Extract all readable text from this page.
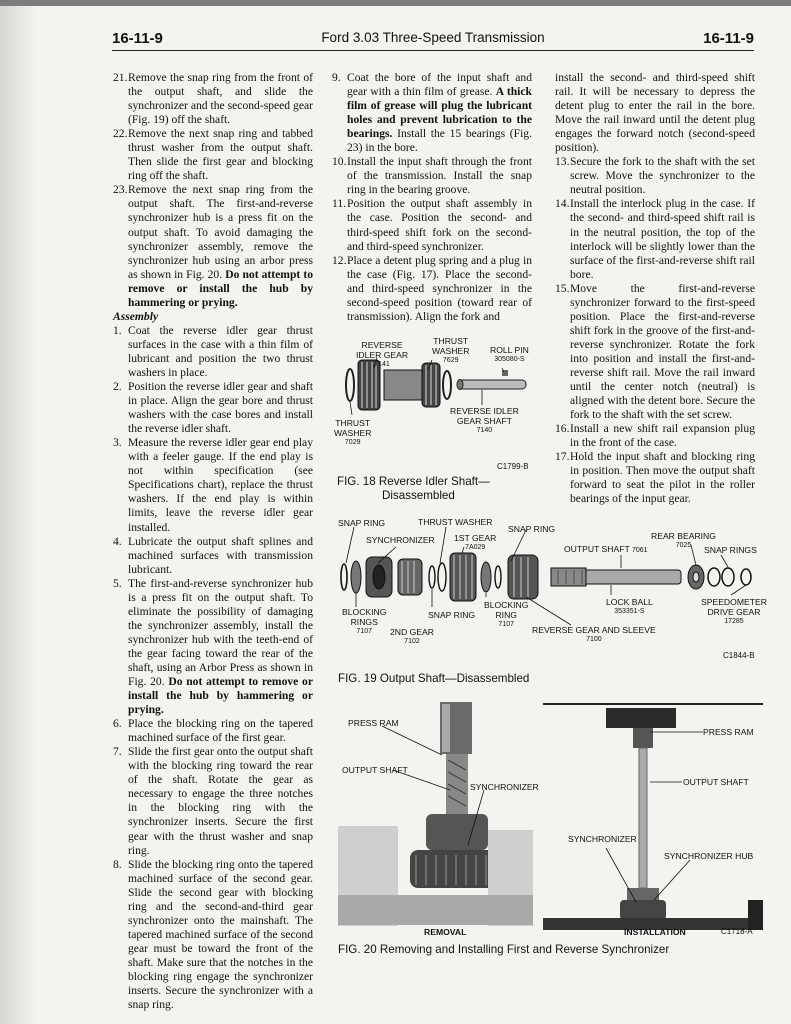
16-11-9	Ford 3.03 Three-Speed Transmission	16-11-9

21.Remove the snap ring from the front of the output shaft, and slide the synchronizer and the second-speed gear (Fig. 19) off the shaft.

22.Remove the next snap ring and tabbed thrust washer from the output shaft. Then slide the first gear and blocking ring off the shaft.

23.Remove the next snap ring from the output shaft. The first-and-reverse synchronizer hub is a press fit on the output shaft. To avoid damaging the synchronizer assembly, remove the synchronizer hub using an arbor press as shown in Fig. 20. Do not attempt to remove or install the hub by hammering or prying.

Assembly

1. Coat the reverse idler gear thrust surfaces in the case with a thin film of lubricant and position the two thrust washers in place.

2. Position the reverse idler gear and shaft in place. Align the gear bore and thrust washers with the case bores and install the reverse idler shaft.

3. Measure the reverse idler gear end play with a feeler gauge. If the end play is not within specification (see Specifications chart), replace the thrust washers. If the end play is within limits, leave the reverse idler gear installed.

4. Lubricate the output shaft splines and machined surfaces with transmission lubricant.

5. The first-and-reverse synchronizer hub is a press fit on the output shaft. To eliminate the possibility of damaging the synchronizer assembly, install the synchronizer hub with the teeth-end of the gear facing toward the rear of the shaft, using an Arbor Press as shown in Fig. 20. Do not attempt to remove or install the hub by hammering or prying.

6. Place the blocking ring on the tapered machined surface of the first gear.

7. Slide the first gear onto the output shaft with the blocking ring toward the rear of the shaft. Rotate the gear as necessary to engage the three notches in the blocking ring with the synchronizer inserts. Secure the first gear with the thrust washer and snap ring.

8. Slide the blocking ring onto the tapered machined surface of the second gear. Slide the second gear with blocking ring and the second-and-third gear synchronizer onto the mainshaft. The tapered machined surface of the second gear must be toward the front of the shaft. Make sure that the notches in the blocking ring engage the synchronizer inserts. Secure the synchronizer with a snap ring.

9. Coat the bore of the input shaft and gear with a thin film of grease. A thick film of grease will plug the lubricant holes and prevent lubrication to the bearings. Install the 15 bearings (Fig. 23) in the bore.

10.Install the input shaft through the front of the transmission. Install the snap ring in the bearing groove.

11.Position the output shaft assembly in the case. Position the second- and third-speed shift fork on the second- and third-speed synchronizer.

12.Place a detent plug spring and a plug in the case (Fig. 17). Place the second- and third-speed synchronizer in the second-speed position (toward rear of transmission). Align the fork and

install the second- and third-speed shift rail. It will be necessary to depress the detent plug to enter the rail in the bore. Move the rail inward until the detent plug engages the forward notch (second-speed position).

13.Secure the fork to the shaft with the set screw. Move the synchronizer to the neutral position.

14.Install the interlock plug in the case. If the second- and third-speed shift rail is in the neutral position, the top of the interlock will be slightly lower than the surface of the first-and-reverse shift rail bore.

15.Move the first-and-reverse synchronizer forward to the first-speed position. Place the first-and-reverse shift fork in the groove of the first-and-reverse synchronizer. Rotate the fork into position and install the first-and-reverse shift rail. Move the rail inward until the center notch (neutral) is aligned with the detent bore. Secure the fork to the shaft with the set screw.

16.Install a new shift rail expansion plug in the front of the case.

17.Hold the input shaft and blocking ring in position. Then move the output shaft forward to seat the pilot in the roller bearings of the input gear.

REVERSE
IDLER GEAR
7141
THRUST
WASHER
7629
ROLL PIN
305080-S
THRUST
WASHER
7029
REVERSE IDLER
GEAR SHAFT
7140
C1799-B
FIG. 18 Reverse Idler Shaft—
Disassembled
SNAP RING	THRUST WASHER
SNAP RING
SYNCHRONIZER 1ST GEAR
7A029	OUTPUT SHAFT 7061
REAR BEARING
7025	SNAP RINGS
BLOCKING
RINGS
7107	2ND GEAR
7102
SNAP RING
BLOCKING
RING
7107
LOCK BALL
353351-S
REVERSE GEAR AND SLEEVE
7100
SPEEDOMETER
DRIVE GEAR
17285
C1844-B
FIG. 19 Output Shaft—Disassembled
PRESS RAM
OUTPUT SHAFT
SYNCHRONIZER
REMOVAL
PRESS RAM
OUTPUT SHAFT
SYNCHRONIZER
SYNCHRONIZER HUB
INSTALLATION	C1718-A
FIG. 20 Removing and Installing First and Reverse Synchronizer
